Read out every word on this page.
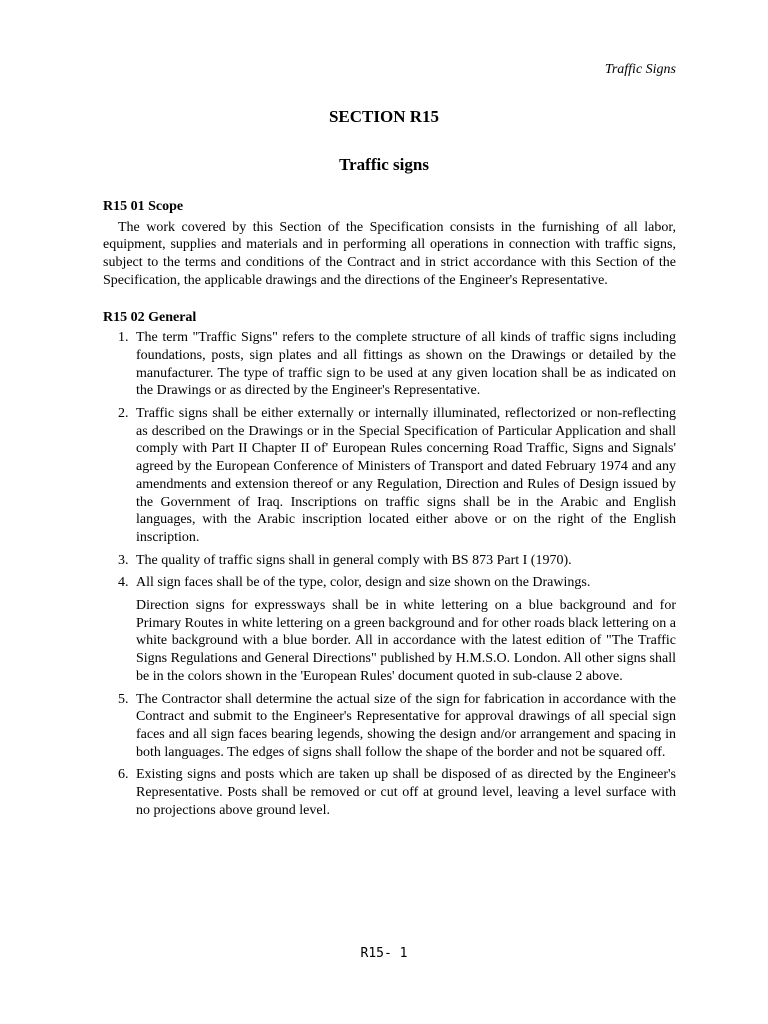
Traffic Signs
SECTION R15
Traffic signs
R15 01 Scope

The work covered by this Section of the Specification consists in the furnishing of all labor, equipment, supplies and materials and in performing all operations in connection with traffic signs, subject to the terms and conditions of the Contract and in strict accordance with this Section of the Specification, the applicable drawings and the directions of the Engineer's Representative.

R15 02 General
1. The term "Traffic Signs" refers to the complete structure of all kinds of traffic signs including foundations, posts, sign plates and all fittings as shown on the Drawings or detailed by the manufacturer. The type of traffic sign to be used at any given location shall be as indicated on the Drawings or as directed by the Engineer's Representative.
2. Traffic signs shall be either externally or internally illuminated, reflectorized or non-reflecting as described on the Drawings or in the Special Specification of Particular Application and shall comply with Part II Chapter II of' European Rules concerning Road Traffic, Signs and Signals' agreed by the European Conference of Ministers of Transport and dated February 1974 and any amendments and extension thereof or any Regulation, Direction and Rules of Design issued by the Government of Iraq. Inscriptions on traffic signs shall be in the Arabic and English languages, with the Arabic inscription located either above or on the right of the English inscription.
3. The quality of traffic signs shall in general comply with BS 873 Part I (1970).
4. All sign faces shall be of the type, color, design and size shown on the Drawings.
Direction signs for expressways shall be in white lettering on a blue background and for Primary Routes in white lettering on a green background and for other roads black lettering on a white background with a blue border. All in accordance with the latest edition of "The Traffic Signs Regulations and General Directions" published by H.M.S.O. London. All other signs shall be in the colors shown in the 'European Rules' document quoted in sub-clause 2 above.
5. The Contractor shall determine the actual size of the sign for fabrication in accordance with the Contract and submit to the Engineer's Representative for approval drawings of all special sign faces and all sign faces bearing legends, showing the design and/or arrangement and spacing in both languages. The edges of signs shall follow the shape of the border and not be squared off.
6. Existing signs and posts which are taken up shall be disposed of as directed by the Engineer's Representative. Posts shall be removed or cut off at ground level, leaving a level surface with no projections above ground level.
R15- 1
